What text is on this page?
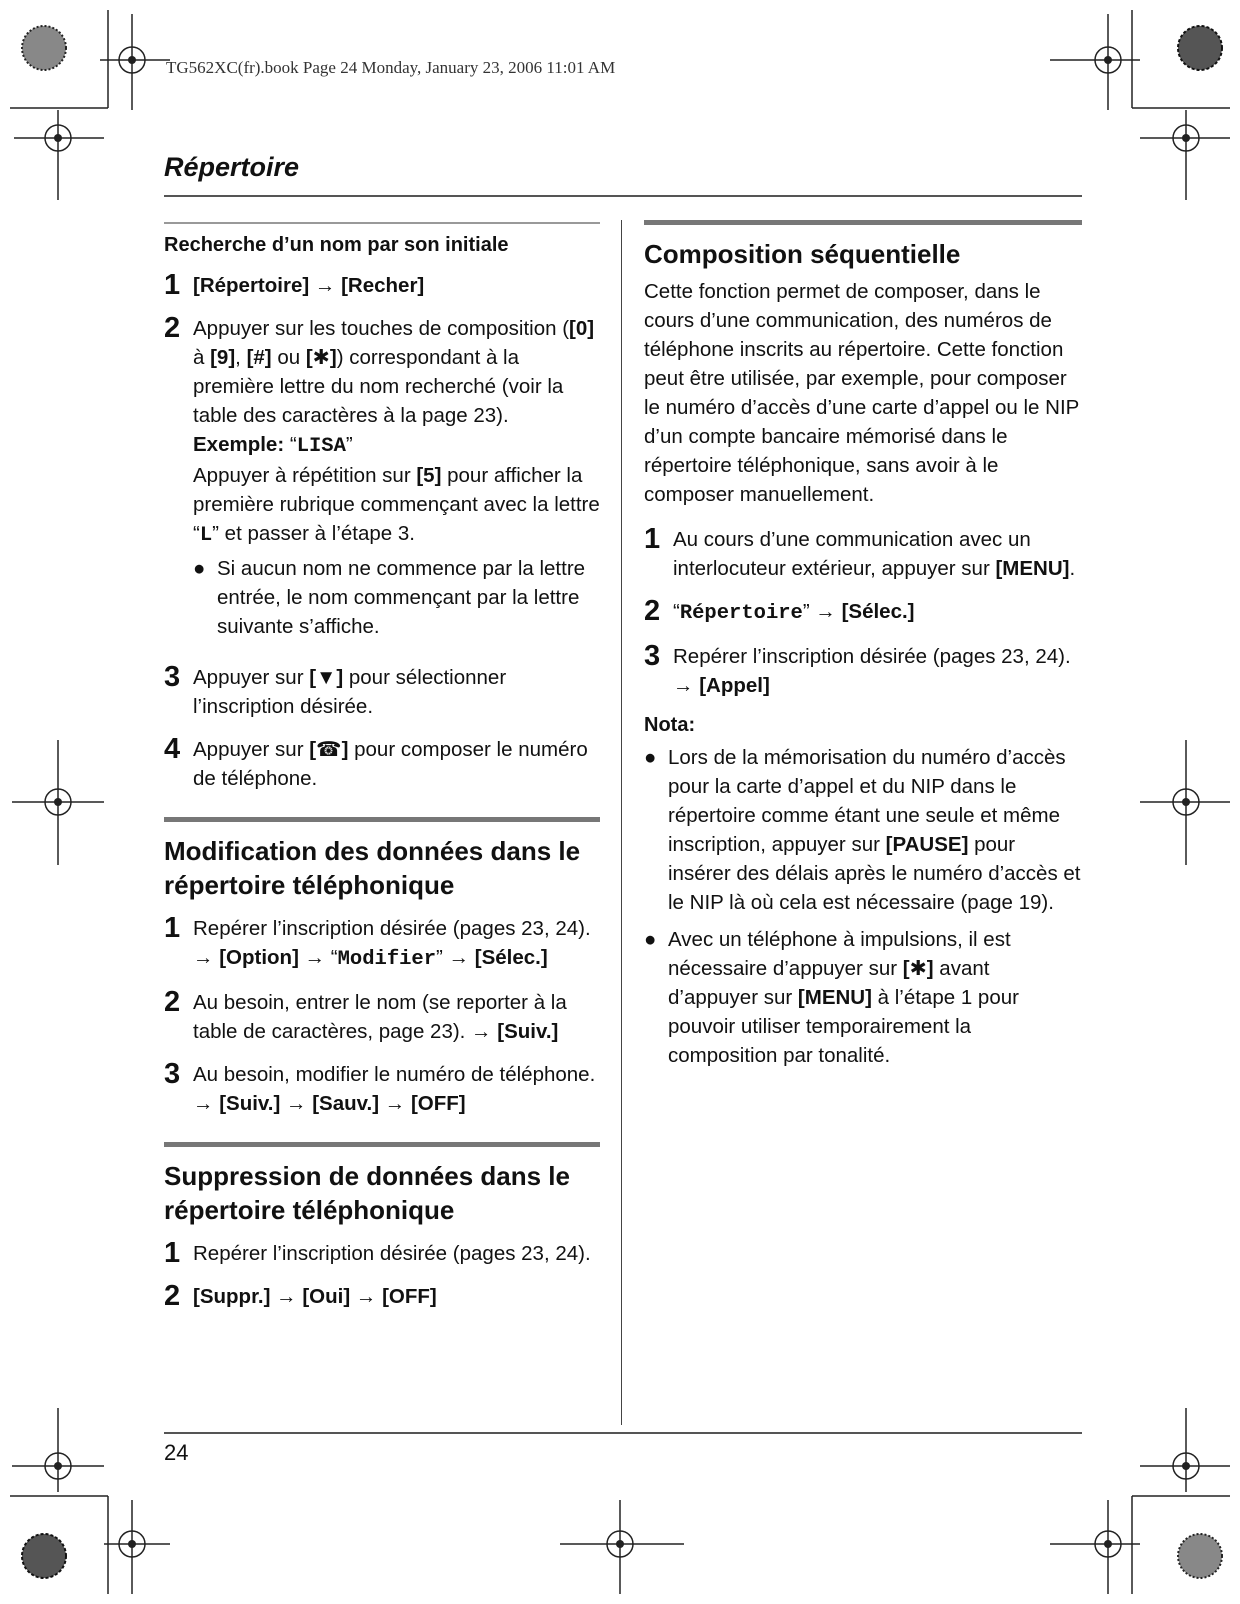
TG562XC(fr).book Page 24 Monday, January 23, 2006 11:01 AM
Répertoire
Recherche d’un nom par son initiale
1 [Répertoire] → [Recher]
2 Appuyer sur les touches de composition ([0] à [9], [#] ou [✱]) correspondant à la première lettre du nom recherché (voir la table des caractères à la page 23).
Exemple: “LISA”
Appuyer à répétition sur [5] pour afficher la première rubrique commençant avec la lettre “L” et passer à l’étape 3.
● Si aucun nom ne commence par la lettre entrée, le nom commençant par la lettre suivante s’affiche.
3 Appuyer sur [▼] pour sélectionner l’inscription désirée.
4 Appuyer sur [☎] pour composer le numéro de téléphone.
Modification des données dans le répertoire téléphonique
1 Repérer l’inscription désirée (pages 23, 24). → [Option] → “Modifier” → [Sélec.]
2 Au besoin, entrer le nom (se reporter à la table de caractères, page 23). → [Suiv.]
3 Au besoin, modifier le numéro de téléphone. → [Suiv.] → [Sauv.] → [OFF]
Suppression de données dans le répertoire téléphonique
1 Repérer l’inscription désirée (pages 23, 24).
2 [Suppr.] → [Oui] → [OFF]
Composition séquentielle

Cette fonction permet de composer, dans le cours d’une communication, des numéros de téléphone inscrits au répertoire. Cette fonction peut être utilisée, par exemple, pour composer le numéro d’accès d’une carte d’appel ou le NIP d’un compte bancaire mémorisé dans le répertoire téléphonique, sans avoir à le composer manuellement.

1 Au cours d’une communication avec un interlocuteur extérieur, appuyer sur [MENU].
2 “Répertoire” → [Sélec.]
3 Repérer l’inscription désirée (pages 23, 24). → [Appel]
Nota:
● Lors de la mémorisation du numéro d’accès pour la carte d’appel et du NIP dans le répertoire comme étant une seule et même inscription, appuyer sur [PAUSE] pour insérer des délais après le numéro d’accès et le NIP là où cela est nécessaire (page 19).
● Avec un téléphone à impulsions, il est nécessaire d’appuyer sur [✱] avant d’appuyer sur [MENU] à l’étape 1 pour pouvoir utiliser temporairement la composition par tonalité.
24
